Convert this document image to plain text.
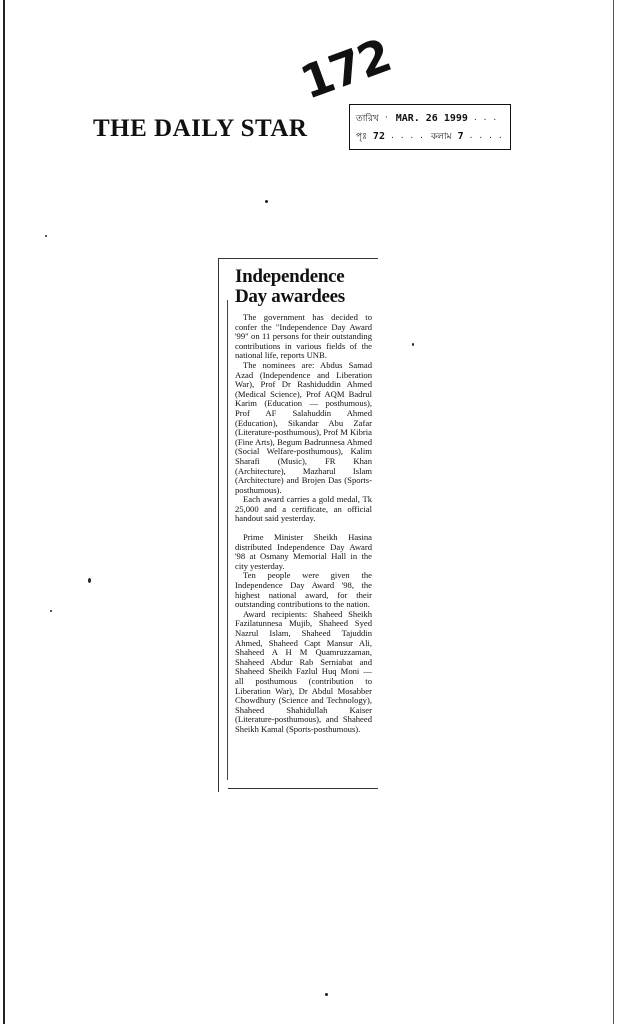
172
THE DAILY STAR	তারিখ · MAR. 26 1999 . . .
পৃঃ 72 . . . . কলাম 7 . . . .
Independence
Day awardees

The government has decided to confer the "Independence Day Award '99" on 11 persons for their outstanding contributions in various fields of the national life, reports UNB.

The nominees are: Abdus Samad Azad (Independence and Liberation War), Prof Dr Rashiduddin Ahmed (Medical Science), Prof AQM Badrul Karim (Education — posthumous), Prof AF Salahuddin Ahmed (Education), Sikandar Abu Zafar (Literature-posthumous), Prof M Kibria (Fine Arts), Begum Badrunnesa Ahmed (Social Welfare-posthumous), Kalim Sharafi (Music), FR Khan (Architecture), Mazharul Islam (Architecture) and Brojen Das (Sports-posthumous).

Each award carries a gold medal, Tk 25,000 and a certificate, an official handout said yesterday.

Prime Minister Sheikh Hasina distributed Independence Day Award '98 at Osmany Memorial Hall in the city yesterday.

Ten people were given the Independence Day Award '98, the highest national award, for their outstanding contributions to the nation.

Award recipients: Shaheed Sheikh Fazilatunnesa Mujib, Shaheed Syed Nazrul Islam, Shaheed Tajuddin Ahmed, Shaheed Capt Mansur Ali, Shaheed A H M Quamruzzaman, Shaheed Abdur Rab Serniabat and Shaheed Sheikh Fazlul Huq Moni — all posthumous (contribution to Liberation War), Dr Abdul Mosabber Chowdhury (Science and Technology), Shaheed Shahidullah Kaiser (Literature-posthumous), and Shaheed Sheikh Kamal (Sports-posthumous).
